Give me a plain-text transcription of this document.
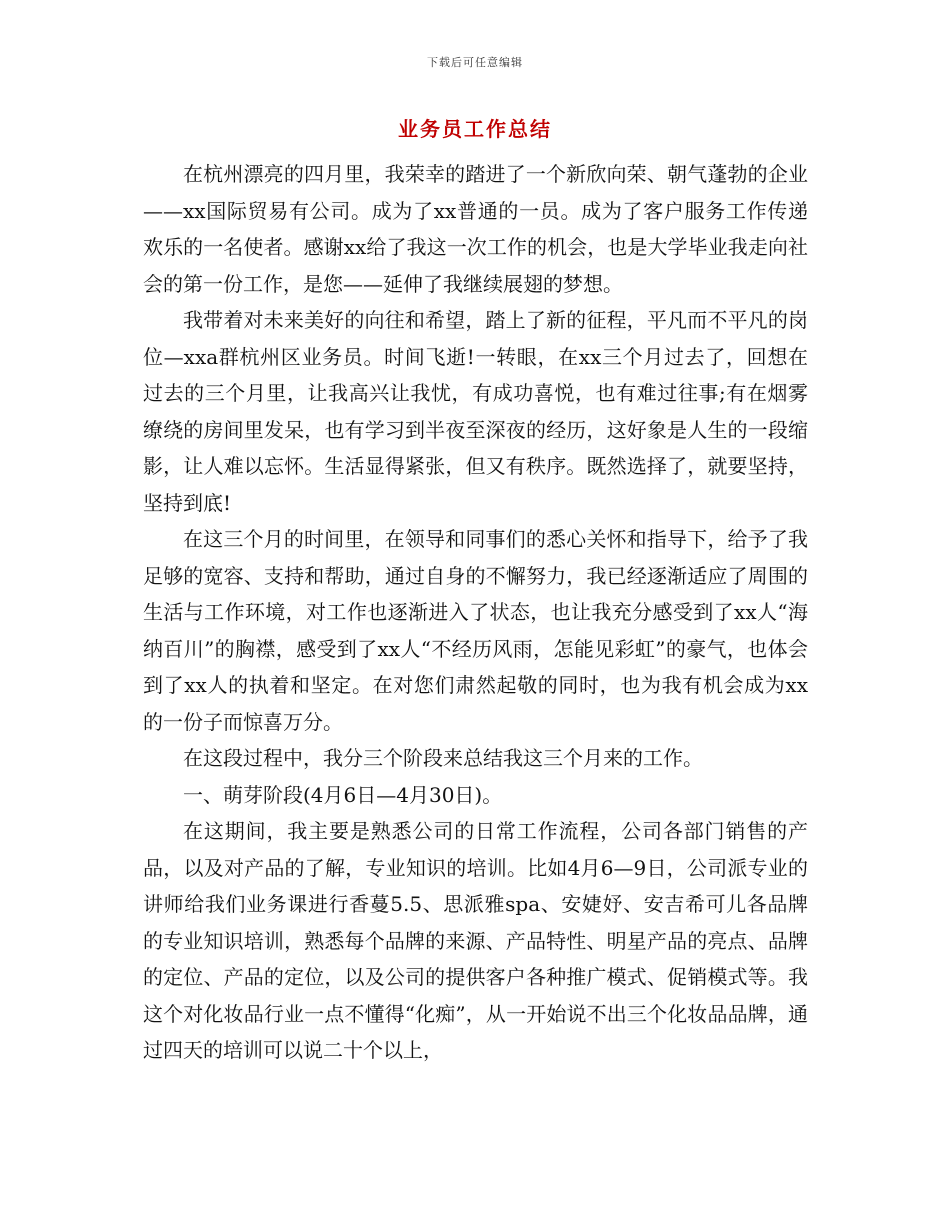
下载后可任意编辑
业务员工作总结

在杭州漂亮的四月里，我荣幸的踏进了一个新欣向荣、朝气蓬勃的企业——xx国际贸易有公司。成为了xx普通的一员。成为了客户服务工作传递欢乐的一名使者。感谢xx给了我这一次工作的机会，也是大学毕业我走向社会的第一份工作，是您——延伸了我继续展翅的梦想。

我带着对未来美好的向往和希望，踏上了新的征程，平凡而不平凡的岗位—xxa群杭州区业务员。时间飞逝!一转眼，在xx三个月过去了，回想在过去的三个月里，让我高兴让我忧，有成功喜悦，也有难过往事;有在烟雾缭绕的房间里发呆，也有学习到半夜至深夜的经历，这好象是人生的一段缩影，让人难以忘怀。生活显得紧张，但又有秩序。既然选择了，就要坚持，坚持到底!

在这三个月的时间里，在领导和同事们的悉心关怀和指导下，给予了我足够的宽容、支持和帮助，通过自身的不懈努力，我已经逐渐适应了周围的生活与工作环境，对工作也逐渐进入了状态，也让我充分感受到了xx人“海纳百川”的胸襟，感受到了xx人“不经历风雨，怎能见彩虹”的豪气，也体会到了xx人的执着和坚定。在对您们肃然起敬的同时，也为我有机会成为xx的一份子而惊喜万分。

在这段过程中，我分三个阶段来总结我这三个月来的工作。

一、萌芽阶段(4月6日—4月30日)。

在这期间，我主要是熟悉公司的日常工作流程，公司各部门销售的产品，以及对产品的了解，专业知识的培训。比如4月6—9日，公司派专业的讲师给我们业务课进行香蔓5.5、思派雅spa、安婕妤、安吉希可儿各品牌的专业知识培训，熟悉每个品牌的来源、产品特性、明星产品的亮点、品牌的定位、产品的定位，以及公司的提供客户各种推广模式、促销模式等。我这个对化妆品行业一点不懂得“化痴”，从一开始说不出三个化妆品品牌，通过四天的培训可以说二十个以上，
